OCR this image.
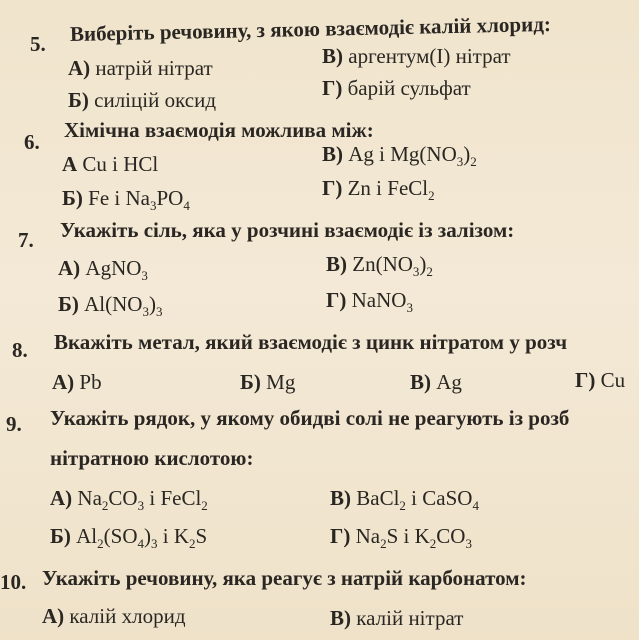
5. Виберіть речовину, з якою взаємодіє калій хлорид:
А) натрій нітрат	В) аргентум(І) нітрат
Б) силіцій оксид	Г) барій сульфат
6. Хімічна взаємодія можлива між:
А Cu і HCl
Б) Fe і $Na_3PO_4$
В) Ag і $Mg(NO_3)_2$
Г) Zn і FeCl$_2$
7. Укажіть сіль, яка у розчині взаємодіє із залізом:
А) AgNO$_3$
Б) $Al(NO_3)_3$
В) $Zn(NO_3)_2$
Г) NaNO$_3$
8. Вкажіть метал, який взаємодіє з цинк нітратом у розч
А) Pb	Б) Mg	В) Ag	Г) Cu
9. Укажіть рядок, у якому обидві солі не реагують із розб
нітратною кислотою:
А) $Na_2CO_3$ і FeCl$_2$
Б) $Al_2(SO_4)_3$ і $K_2S$
В) BaCl$_2$ і CaSO$_4$
Г) $Na_2S$ і $K_2CO_3$
10. Укажіть речовину, яка реагує з натрій карбонатом:
А) калій хлорид	В) калій нітрат
